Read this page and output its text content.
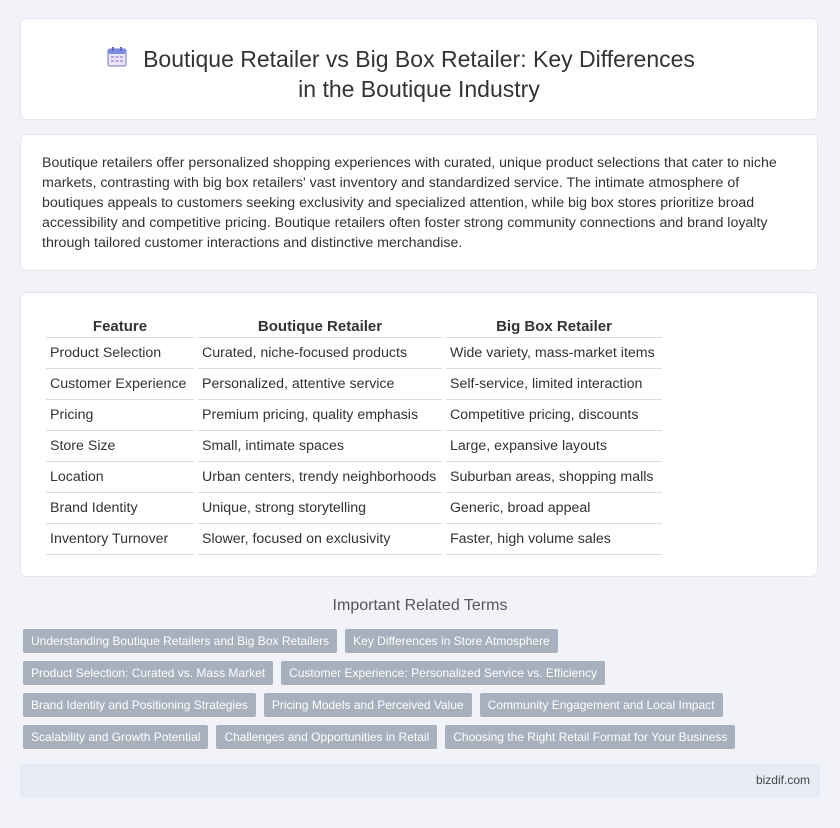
Boutique Retailer vs Big Box Retailer: Key Differences in the Boutique Industry

Boutique retailers offer personalized shopping experiences with curated, unique product selections that cater to niche markets, contrasting with big box retailers' vast inventory and standardized service. The intimate atmosphere of boutiques appeals to customers seeking exclusivity and specialized attention, while big box stores prioritize broad accessibility and competitive pricing. Boutique retailers often foster strong community connections and brand loyalty through tailored customer interactions and distinctive merchandise.

Feature	Boutique Retailer	Big Box Retailer
Product Selection	Curated, niche-focused products	Wide variety, mass-market items
Customer Experience	Personalized, attentive service	Self-service, limited interaction
Pricing	Premium pricing, quality emphasis	Competitive pricing, discounts
Store Size	Small, intimate spaces	Large, expansive layouts
Location	Urban centers, trendy neighborhoods	Suburban areas, shopping malls
Brand Identity	Unique, strong storytelling	Generic, broad appeal
Inventory Turnover	Slower, focused on exclusivity	Faster, high volume sales
Important Related Terms
Understanding Boutique Retailers and Big Box Retailers	Key Differences in Store Atmosphere
Product Selection: Curated vs. Mass Market	Customer Experience: Personalized Service vs. Efficiency
Brand Identity and Positioning Strategies	Pricing Models and Perceived Value	Community Engagement and Local Impact
Scalability and Growth Potential	Challenges and Opportunities in Retail	Choosing the Right Retail Format for Your Business
bizdif.com
